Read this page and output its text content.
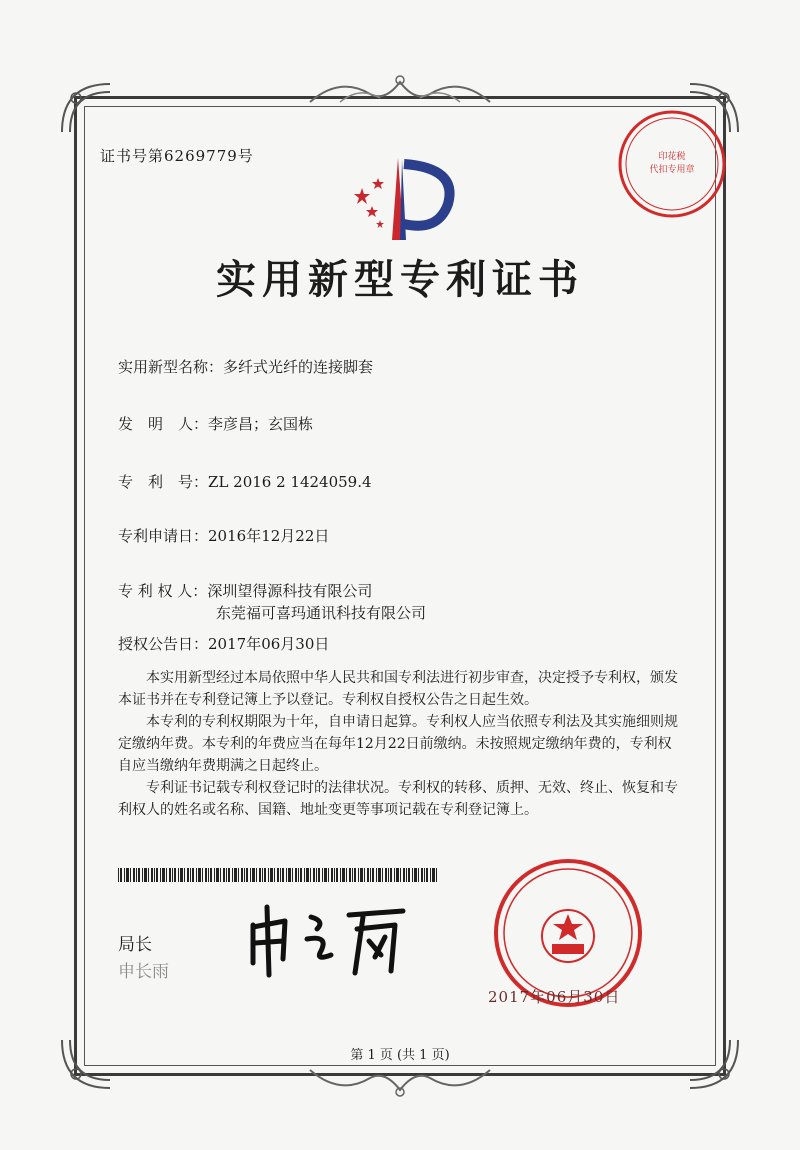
证书号第6269779号	印花税
代扣专用章
实用新型专利证书
实用新型名称：多纤式光纤的连接脚套
发　明　人：李彦昌；玄国栋
专　利　号：ZL 2016 2 1424059.4
专利申请日：2016年12月22日
专 利 权 人：深圳望得源科技有限公司
东莞福可喜玛通讯科技有限公司
授权公告日：2017年06月30日
本实用新型经过本局依照中华人民共和国专利法进行初步审查，决定授予专利权，颁发本证书并在专利登记簿上予以登记。专利权自授权公告之日起生效。
本专利的专利权期限为十年，自申请日起算。专利权人应当依照专利法及其实施细则规定缴纳年费。本专利的年费应当在每年12月22日前缴纳。未按照规定缴纳年费的，专利权自应当缴纳年费期满之日起终止。
专利证书记载专利权登记时的法律状况。专利权的转移、质押、无效、终止、恢复和专利权人的姓名或名称、国籍、地址变更等事项记载在专利登记簿上。
局长
申长雨
2017年06月30日
第 1 页 (共 1 页)
